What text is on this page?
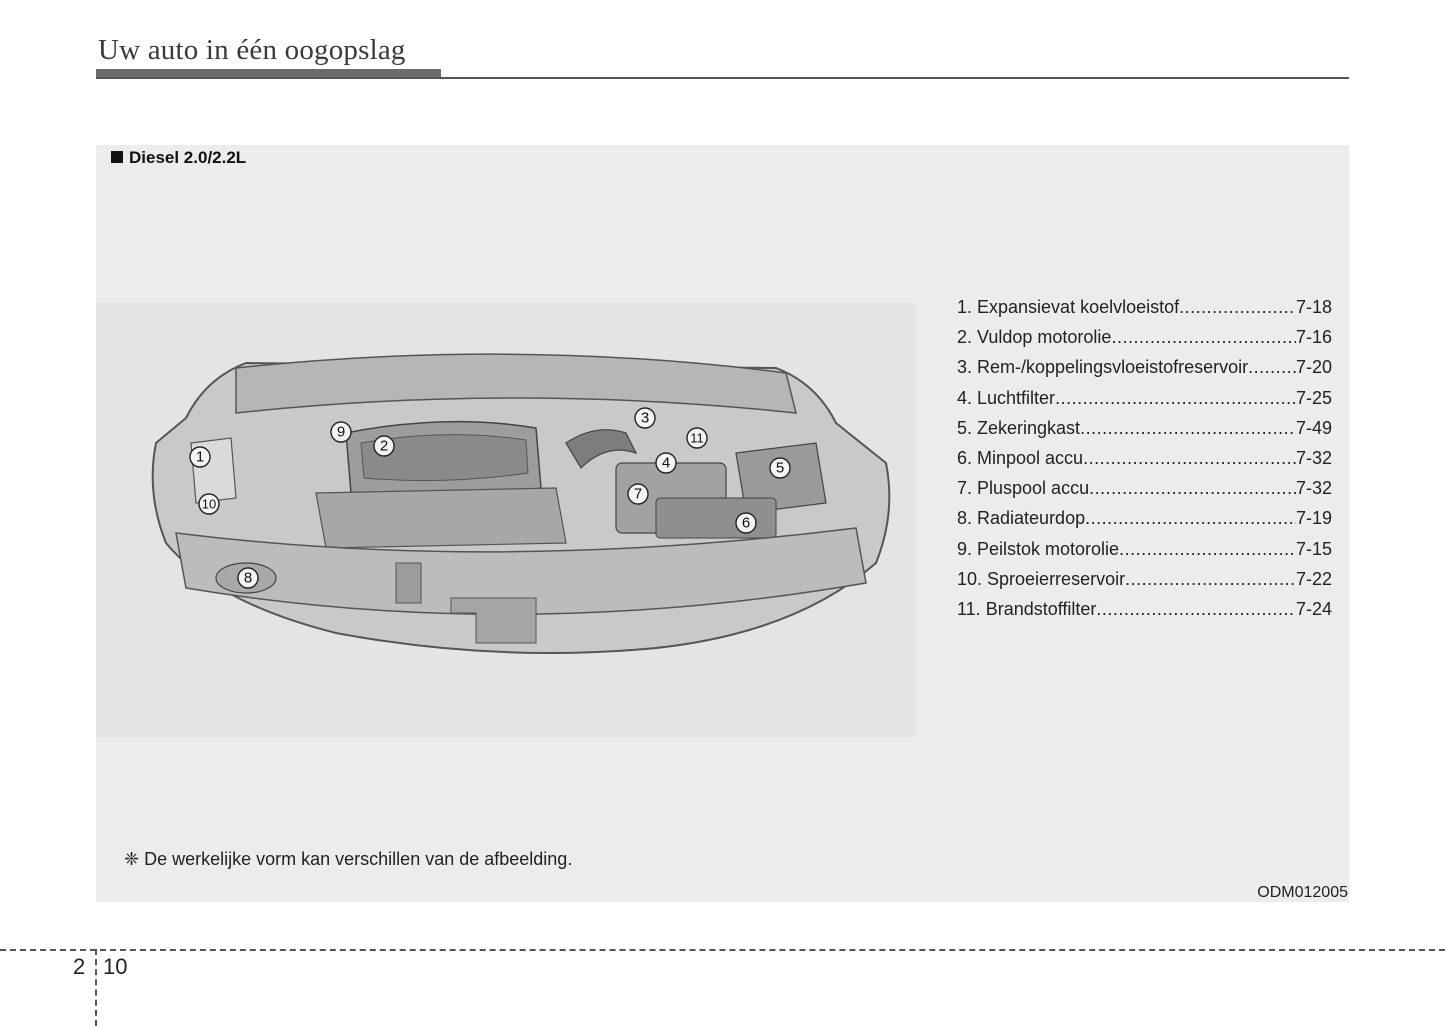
Uw auto in één oogopslag
Diesel 2.0/2.2L
1
2
3
4	5
6
7
8
9
10
11
1. Expansievat koelvloeistof .....	7-18
2. Vuldop motorolie .....	7-16
3. Rem-/koppelingsvloeistofreservoir .....	7-20
4. Luchtfilter .....	7-25
5. Zekeringkast .....	7-49
6. Minpool accu .....	7-32
7. Pluspool accu .....	7-32
8. Radiateurdop .....	7-19
9. Peilstok motorolie .....	7-15
10. Sproeierreservoir .....	7-22
11. Brandstoffilter .....	7-24
❈ De werkelijke vorm kan verschillen van de afbeelding.
ODM012005
2 10
